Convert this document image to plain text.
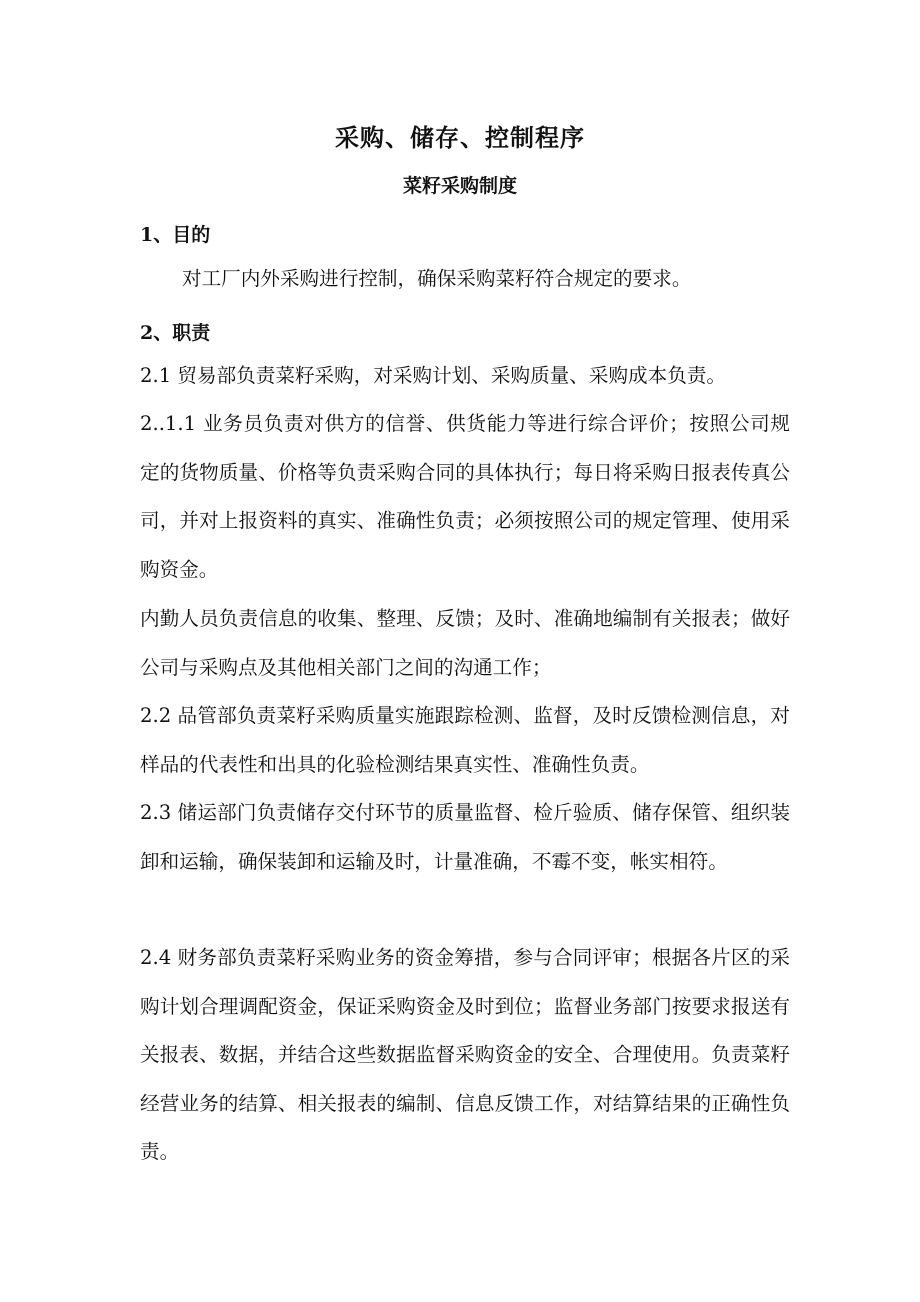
采购、储存、控制程序
菜籽采购制度
1、目的

对工厂内外采购进行控制，确保采购菜籽符合规定的要求。

2、职责

2.1 贸易部负责菜籽采购，对采购计划、采购质量、采购成本负责。

2..1.1 业务员负责对供方的信誉、供货能力等进行综合评价；按照公司规定的货物质量、价格等负责采购合同的具体执行；每日将采购日报表传真公司，并对上报资料的真实、准确性负责；必须按照公司的规定管理、使用采购资金。

内勤人员负责信息的收集、整理、反馈；及时、准确地编制有关报表；做好公司与采购点及其他相关部门之间的沟通工作；

2.2 品管部负责菜籽采购质量实施跟踪检测、监督，及时反馈检测信息，对样品的代表性和出具的化验检测结果真实性、准确性负责。

2.3 储运部门负责储存交付环节的质量监督、检斤验质、储存保管、组织装卸和运输，确保装卸和运输及时，计量准确，不霉不变，帐实相符。

2.4 财务部负责菜籽采购业务的资金筹措，参与合同评审；根据各片区的采购计划合理调配资金，保证采购资金及时到位；监督业务部门按要求报送有关报表、数据，并结合这些数据监督采购资金的安全、合理使用。负责菜籽经营业务的结算、相关报表的编制、信息反馈工作，对结算结果的正确性负责。
